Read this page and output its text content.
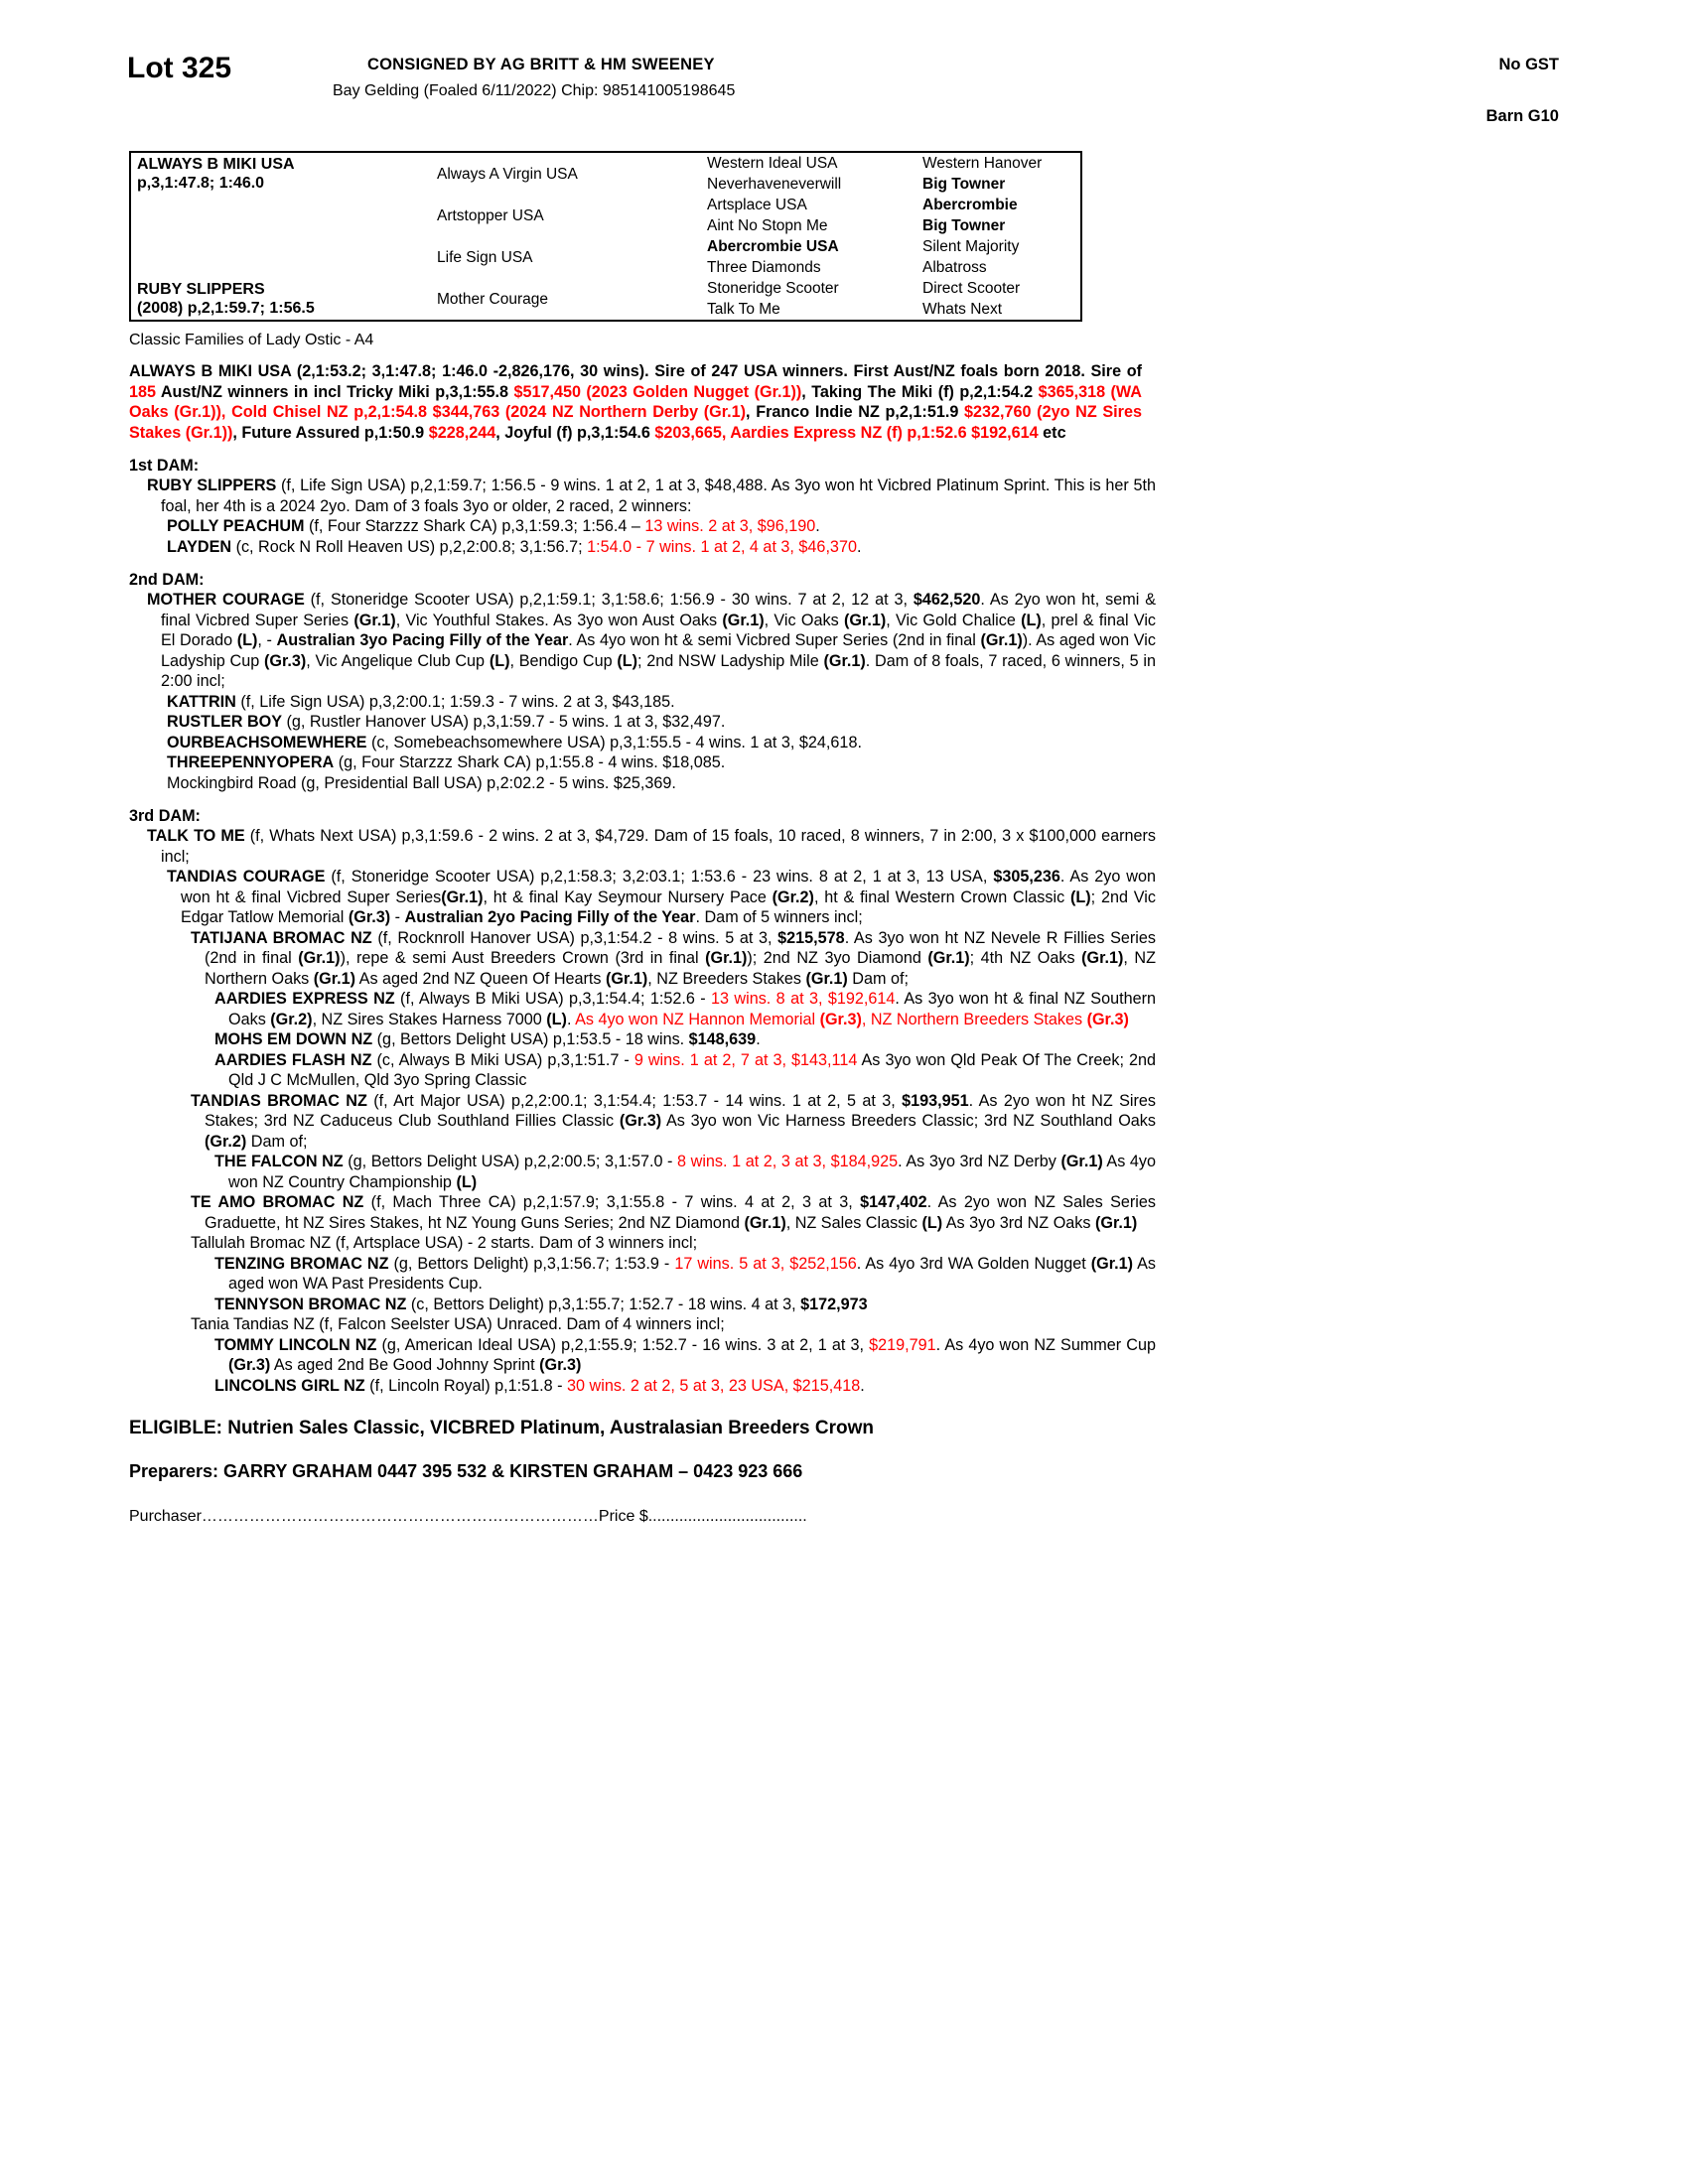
Lot 325	CONSIGNED BY AG BRITT & HM SWEENEY
Bay Gelding (Foaled 6/11/2022) Chip: 985141005198645
No GST
Barn G10
ALWAYS B MIKI USA
p,3,1:47.8; 1:46.0	Always A Virgin USA	Western Ideal USA	Western Hanover
		Neverhaveneverwill	Big Towner
	Artstopper USA	Artsplace USA	Abercrombie
		Aint No Stopn Me	Big Towner
	Life Sign USA	Abercrombie USA	Silent Majority
		Three Diamonds	Albatross

RUBY SLIPPERS
(2008) p,2,1:59.7; 1:56.5	Mother Courage	Stoneridge Scooter	Direct Scooter
		Talk To Me	Whats Next
Classic Families of Lady Ostic - A4
ALWAYS B MIKI USA (2,1:53.2; 3,1:47.8; 1:46.0 -2,826,176, 30 wins). Sire of 247 USA winners. First Aust/NZ foals born 2018. Sire of 185 Aust/NZ winners in incl Tricky Miki p,3,1:55.8 $517,450 (2023 Golden Nugget (Gr.1)), Taking The Miki (f) p,2,1:54.2 $365,318 (WA Oaks (Gr.1)), Cold Chisel NZ p,2,1:54.8 $344,763 (2024 NZ Northern Derby (Gr.1), Franco Indie NZ p,2,1:51.9 $232,760 (2yo NZ Sires Stakes (Gr.1)), Future Assured p,1:50.9 $228,244, Joyful (f) p,3,1:54.6 $203,665, Aardies Express NZ (f) p,1:52.6 $192,614 etc
1st DAM:
RUBY SLIPPERS (f, Life Sign USA) p,2,1:59.7; 1:56.5 - 9 wins. 1 at 2, 1 at 3, $48,488. As 3yo won ht Vicbred Platinum Sprint. This is her 5th foal, her 4th is a 2024 2yo. Dam of 3 foals 3yo or older, 2 raced, 2 winners:
POLLY PEACHUM (f, Four Starzzz Shark CA) p,3,1:59.3; 1:56.4 – 13 wins. 2 at 3, $96,190.
LAYDEN (c, Rock N Roll Heaven US) p,2,2:00.8; 3,1:56.7; 1:54.0 - 7 wins. 1 at 2, 4 at 3, $46,370.
2nd DAM:
MOTHER COURAGE (f, Stoneridge Scooter USA) p,2,1:59.1; 3,1:58.6; 1:56.9 - 30 wins. 7 at 2, 12 at 3, $462,520. As 2yo won ht, semi & final Vicbred Super Series (Gr.1), Vic Youthful Stakes. As 3yo won Aust Oaks (Gr.1), Vic Oaks (Gr.1), Vic Gold Chalice (L), prel & final Vic El Dorado (L), - Australian 3yo Pacing Filly of the Year. As 4yo won ht & semi Vicbred Super Series (2nd in final (Gr.1)). As aged won Vic Ladyship Cup (Gr.3), Vic Angelique Club Cup (L), Bendigo Cup (L); 2nd NSW Ladyship Mile (Gr.1). Dam of 8 foals, 7 raced, 6 winners, 5 in 2:00 incl;
KATTRIN (f, Life Sign USA) p,3,2:00.1; 1:59.3 - 7 wins. 2 at 3, $43,185.
RUSTLER BOY (g, Rustler Hanover USA) p,3,1:59.7 - 5 wins. 1 at 3, $32,497.
OURBEACHSOMEWHERE (c, Somebeachsomewhere USA) p,3,1:55.5 - 4 wins. 1 at 3, $24,618.
THREEPENNYOPERA (g, Four Starzzz Shark CA) p,1:55.8 - 4 wins. $18,085.
Mockingbird Road (g, Presidential Ball USA) p,2:02.2 - 5 wins. $25,369.
3rd DAM:
TALK TO ME (f, Whats Next USA) p,3,1:59.6 - 2 wins. 2 at 3, $4,729. Dam of 15 foals, 10 raced, 8 winners, 7 in 2:00, 3 x $100,000 earners incl;
TANDIAS COURAGE (f, Stoneridge Scooter USA) p,2,1:58.3; 3,2:03.1; 1:53.6 - 23 wins. 8 at 2, 1 at 3, 13 USA, $305,236. As 2yo won won ht & final Vicbred Super Series(Gr.1), ht & final Kay Seymour Nursery Pace (Gr.2), ht & final Western Crown Classic (L); 2nd Vic Edgar Tatlow Memorial (Gr.3) - Australian 2yo Pacing Filly of the Year. Dam of 5 winners incl;
TATIJANA BROMAC NZ (f, Rocknroll Hanover USA) p,3,1:54.2 - 8 wins. 5 at 3, $215,578. As 3yo won ht NZ Nevele R Fillies Series (2nd in final (Gr.1)), repe & semi Aust Breeders Crown (3rd in final (Gr.1)); 2nd NZ 3yo Diamond (Gr.1); 4th NZ Oaks (Gr.1), NZ Northern Oaks (Gr.1) As aged 2nd NZ Queen Of Hearts (Gr.1), NZ Breeders Stakes (Gr.1) Dam of;
AARDIES EXPRESS NZ (f, Always B Miki USA) p,3,1:54.4; 1:52.6 - 13 wins. 8 at 3, $192,614. As 3yo won ht & final NZ Southern Oaks (Gr.2), NZ Sires Stakes Harness 7000 (L). As 4yo won NZ Hannon Memorial (Gr.3), NZ Northern Breeders Stakes (Gr.3)
MOHS EM DOWN NZ (g, Bettors Delight USA) p,1:53.5 - 18 wins. $148,639.
AARDIES FLASH NZ (c, Always B Miki USA) p,3,1:51.7 - 9 wins. 1 at 2, 7 at 3, $143,114 As 3yo won Qld Peak Of The Creek; 2nd Qld J C McMullen, Qld 3yo Spring Classic
TANDIAS BROMAC NZ (f, Art Major USA) p,2,2:00.1; 3,1:54.4; 1:53.7 - 14 wins. 1 at 2, 5 at 3, $193,951. As 2yo won ht NZ Sires Stakes; 3rd NZ Caduceus Club Southland Fillies Classic (Gr.3) As 3yo won Vic Harness Breeders Classic; 3rd NZ Southland Oaks (Gr.2) Dam of;
THE FALCON NZ (g, Bettors Delight USA) p,2,2:00.5; 3,1:57.0 - 8 wins. 1 at 2, 3 at 3, $184,925. As 3yo 3rd NZ Derby (Gr.1) As 4yo won NZ Country Championship (L)
TE AMO BROMAC NZ (f, Mach Three CA) p,2,1:57.9; 3,1:55.8 - 7 wins. 4 at 2, 3 at 3, $147,402. As 2yo won NZ Sales Series Graduette, ht NZ Sires Stakes, ht NZ Young Guns Series; 2nd NZ Diamond (Gr.1), NZ Sales Classic (L) As 3yo 3rd NZ Oaks (Gr.1)
Tallulah Bromac NZ (f, Artsplace USA) - 2 starts. Dam of 3 winners incl;
TENZING BROMAC NZ (g, Bettors Delight) p,3,1:56.7; 1:53.9 - 17 wins. 5 at 3, $252,156. As 4yo 3rd WA Golden Nugget (Gr.1) As aged won WA Past Presidents Cup.
TENNYSON BROMAC NZ (c, Bettors Delight) p,3,1:55.7; 1:52.7 - 18 wins. 4 at 3, $172,973
Tania Tandias NZ (f, Falcon Seelster USA) Unraced. Dam of 4 winners incl;
TOMMY LINCOLN NZ (g, American Ideal USA) p,2,1:55.9; 1:52.7 - 16 wins. 3 at 2, 1 at 3, $219,791. As 4yo won NZ Summer Cup (Gr.3) As aged 2nd Be Good Johnny Sprint (Gr.3)
LINCOLNS GIRL NZ (f, Lincoln Royal) p,1:51.8 - 30 wins. 2 at 2, 5 at 3, 23 USA, $215,418.
ELIGIBLE: Nutrien Sales Classic, VICBRED Platinum, Australasian Breeders Crown
Preparers: GARRY GRAHAM 0447 395 532 & KIRSTEN GRAHAM – 0423 923 666
Purchaser…………………………………………………………………Price $....................................
